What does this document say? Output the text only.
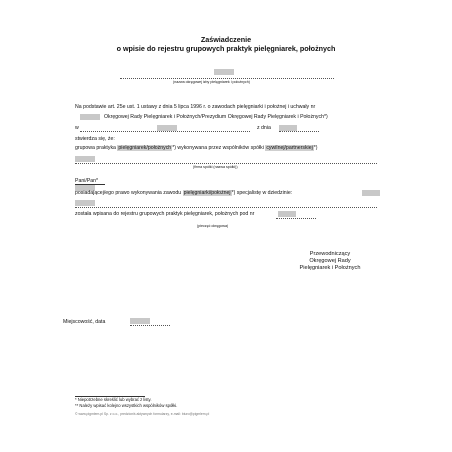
Zaświadczenie
o wpisie do rejestru grupowych praktyk pielęgniarek, położnych
(nazwa okręgowej izby pielęgniarek i położnych)
Na podstawie art. 25e ust. 1 ustawy z dnia 5 lipca 1996 r. o zawodach pielęgniarki i położnej i uchwały nr
Okręgowej Rady Pielęgniarek i Położnych/Prezydium Okręgowej Rady Pielęgniarek i Położnych*)
w	z dnia
stwierdza się, że:
grupowa praktyka pielęgniarek/położnych*) wykonywana przez wspólników spółki cywilnej/partnerskiej*)
(firma spółki (nazwa spółki))
Pani/Pan*
posiadającej/ego prawo wykonywania zawodu pielęgniarki/położnej*) specjalistę w dziedzinie:
została wpisana do rejestru grupowych praktyk pielęgniarek, położnych pod nr
(pieczęć okręgowa)
Przewodniczący
Okręgowej Rady
Pielęgniarek i Położnych
Miejscowość, data
* Niepotrzebne skreślić lub wybrać z listy.
** Należy wpisać kolejno wszystkich wspólników spółki.
© www.pigmlem.pl Sp. z o.o., predzioniś aktywnych formularzy, e-mail: biuro@pigmlem.pl
